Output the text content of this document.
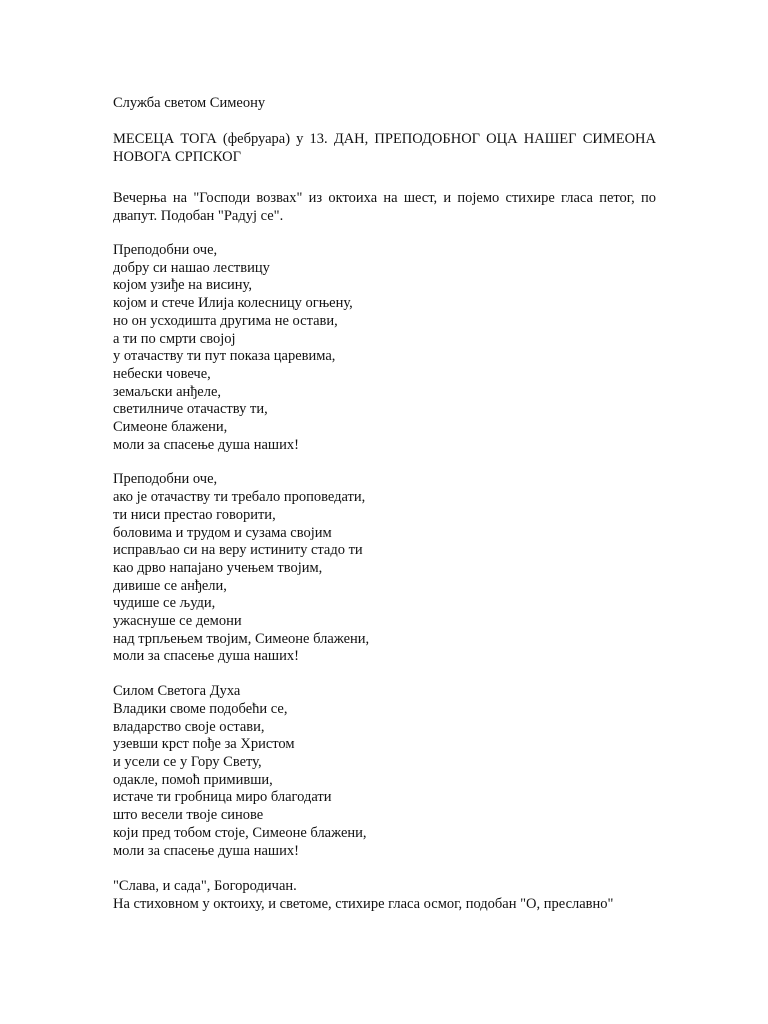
Служба светом Симеону

МЕСЕЦА ТОГА (фебруара) у 13. ДАН, ПРЕПОДОБНОГ ОЦА НАШЕГ СИМЕОНА НОВОГА СРПСКОГ

Вечерња на "Господи возвах" из октоиха на шест, и појемо стихире гласа петог, по двапут. Подобан "Радуј се".

Преподобни оче,
добру си нашао лествицу
којом узиђе на висину,
којом и стече Илија колесницу огњену,
но он усходишта другима не остави,
а ти по смрти својој
у отачаству ти пут показа царевима,
небески човече,
земаљски анђеле,
светилниче отачаству ти,
Симеоне блажени,
моли за спасење душа наших!
Преподобни оче,
ако је отачаству ти требало проповедати,
ти ниси престао говорити,
боловима и трудом и сузама својим
исправљао си на веру истиниту стадо ти
као дрво напајано учењем твојим,
дивише се анђели,
чудише се људи,
ужаснуше се демони
над трпљењем твојим, Симеоне блажени,
моли за спасење душа наших!
Силом Светога Духа
Владики своме подобећи се,
владарство своје остави,
узевши крст пође за Христом
и усели се у Гору Свету,
одакле, помоћ примивши,
истаче ти гробница миро благодати
што весели твоје синове
који пред тобом стоје, Симеоне блажени,
моли за спасење душа наших!
"Слава, и сада", Богородичан.
На стиховном у октоиху, и светоме, стихире гласа осмог, подобан "О, преславно"
